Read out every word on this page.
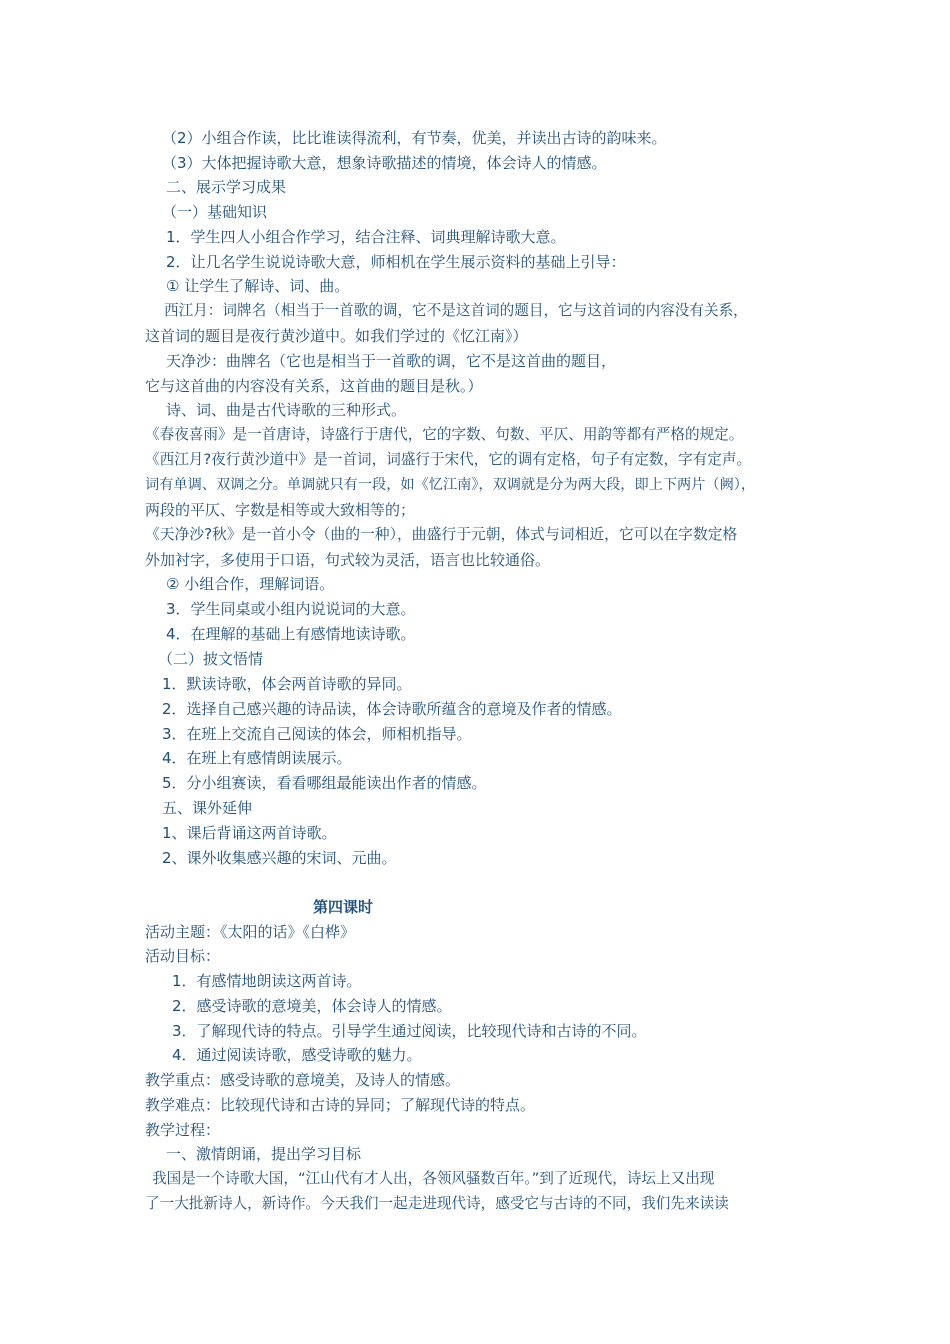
（2）小组合作读，比比谁读得流利，有节奏，优美，并读出古诗的韵味来。
（3）大体把握诗歌大意，想象诗歌描述的情境，体会诗人的情感。
二、展示学习成果
（一）基础知识
1．学生四人小组合作学习，结合注释、词典理解诗歌大意。
2．让几名学生说说诗歌大意，师相机在学生展示资料的基础上引导：
① 让学生了解诗、词、曲。
西江月：词牌名（相当于一首歌的调，它不是这首词的题目，它与这首词的内容没有关系，
这首词的题目是夜行黄沙道中。如我们学过的《忆江南》）
天净沙：曲牌名（它也是相当于一首歌的调，它不是这首曲的题目，
它与这首曲的内容没有关系，这首曲的题目是秋。）
诗、词、曲是古代诗歌的三种形式。
《春夜喜雨》是一首唐诗，诗盛行于唐代，它的字数、句数、平仄、用韵等都有严格的规定。
《西江月?夜行黄沙道中》是一首词，词盛行于宋代，它的调有定格，句子有定数，字有定声。
词有单调、双调之分。单调就只有一段，如《忆江南》，双调就是分为两大段，即上下两片（阙），
两段的平仄、字数是相等或大致相等的；
《天净沙?秋》是一首小令（曲的一种），曲盛行于元朝，体式与词相近，它可以在字数定格
外加衬字，多使用于口语，句式较为灵活，语言也比较通俗。
② 小组合作，理解词语。
3．学生同桌或小组内说说词的大意。
4．在理解的基础上有感情地读诗歌。
（二）披文悟情
1．默读诗歌，体会两首诗歌的异同。
2．选择自己感兴趣的诗品读，体会诗歌所蕴含的意境及作者的情感。
3．在班上交流自己阅读的体会，师相机指导。
4．在班上有感情朗读展示。
5．分小组赛读，看看哪组最能读出作者的情感。
五、课外延伸
1、课后背诵这两首诗歌。
2、课外收集感兴趣的宋词、元曲。
第四课时
活动主题：《太阳的话》《白桦》
活动目标：
1．有感情地朗读这两首诗。
2．感受诗歌的意境美，体会诗人的情感。
3．了解现代诗的特点。引导学生通过阅读，比较现代诗和古诗的不同。
4．通过阅读诗歌，感受诗歌的魅力。
教学重点：感受诗歌的意境美，及诗人的情感。
教学难点：比较现代诗和古诗的异同；了解现代诗的特点。
教学过程：
一、激情朗诵，提出学习目标
我国是一个诗歌大国，“江山代有才人出，各领风骚数百年。”到了近现代，诗坛上又出现
了一大批新诗人，新诗作。今天我们一起走进现代诗，感受它与古诗的不同，我们先来读读
